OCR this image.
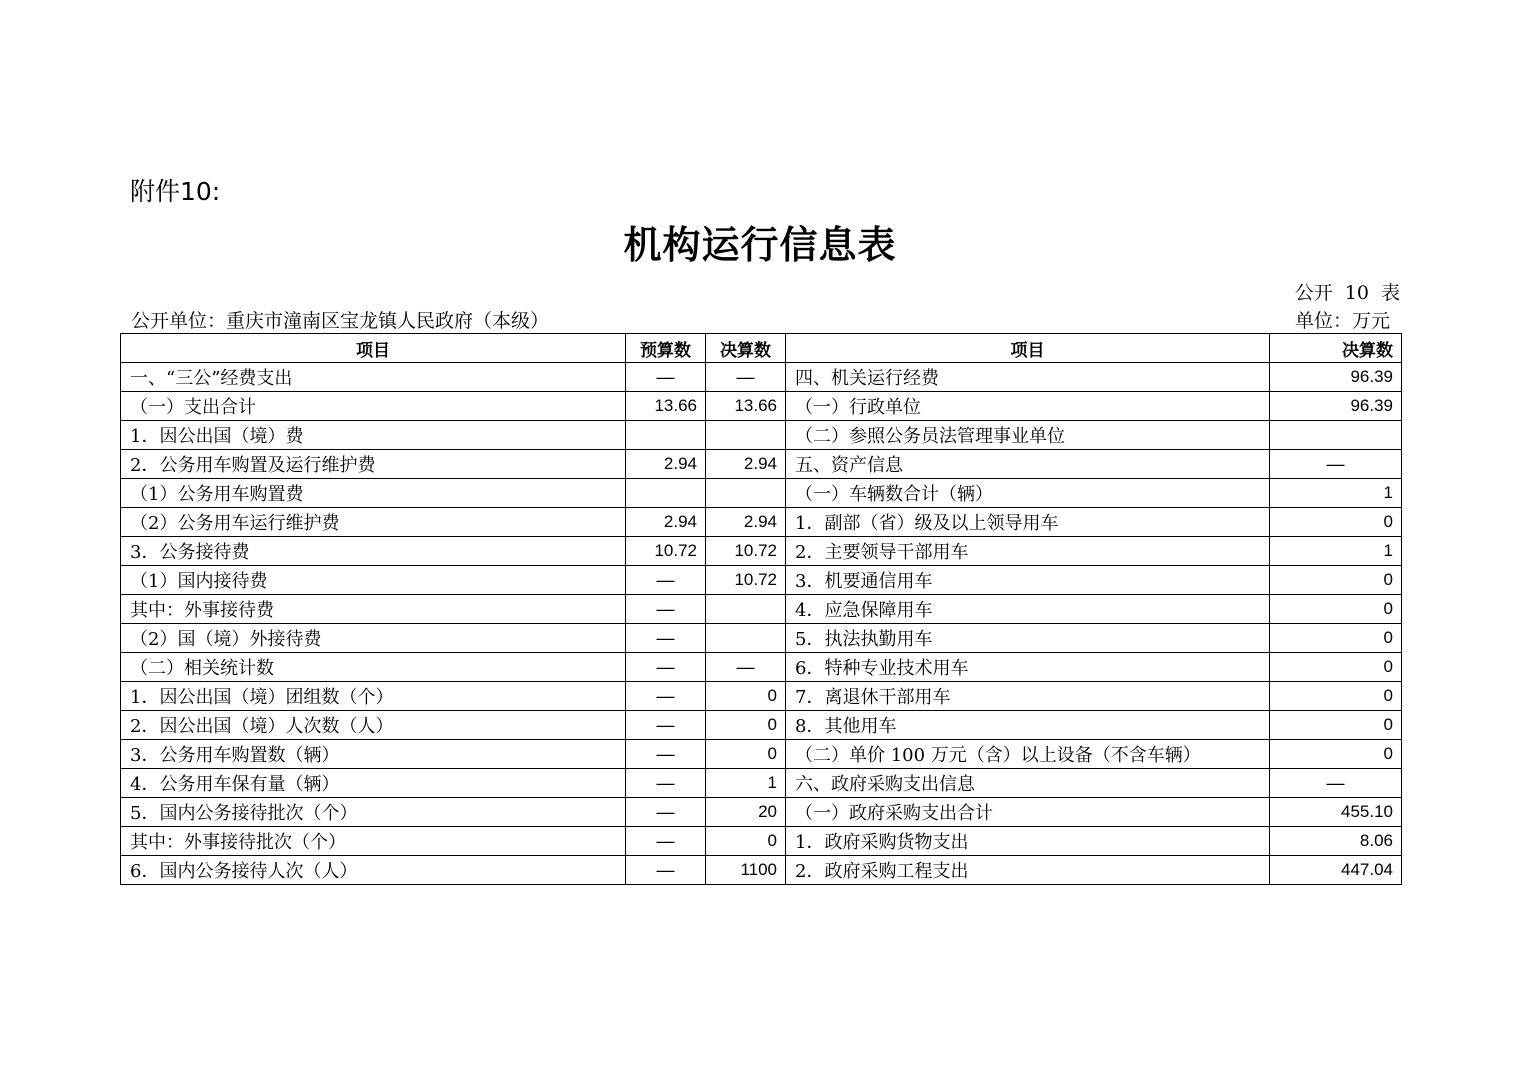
附件10:
机构运行信息表
公开 10 表
公开单位：重庆市潼南区宝龙镇人民政府（本级）	单位：万元
项目	预算数	决算数	项目	决算数
一、“三公”经费支出	—	—	四、机关运行经费	96.39
（一）支出合计	13.66	13.66	（一）行政单位	96.39
1．因公出国（境）费			（二）参照公务员法管理事业单位	
2．公务用车购置及运行维护费	2.94	2.94	五、资产信息	—
（1）公务用车购置费			（一）车辆数合计（辆）	1
（2）公务用车运行维护费	2.94	2.94	1．副部（省）级及以上领导用车	0
3．公务接待费	10.72	10.72	2．主要领导干部用车	1
（1）国内接待费	—	10.72	3．机要通信用车	0
其中：外事接待费	—		4．应急保障用车	0
（2）国（境）外接待费	—		5．执法执勤用车	0
（二）相关统计数	—	—	6．特种专业技术用车	0
1．因公出国（境）团组数（个）	—	0	7．离退休干部用车	0
2．因公出国（境）人次数（人）	—	0	8．其他用车	0
3．公务用车购置数（辆）	—	0	（二）单价 100 万元（含）以上设备（不含车辆）	0
4．公务用车保有量（辆）	—	1	六、政府采购支出信息	—
5．国内公务接待批次（个）	—	20	（一）政府采购支出合计	455.10
其中：外事接待批次（个）	—	0	1．政府采购货物支出	8.06
6．国内公务接待人次（人）	—	1100	2．政府采购工程支出	447.04
